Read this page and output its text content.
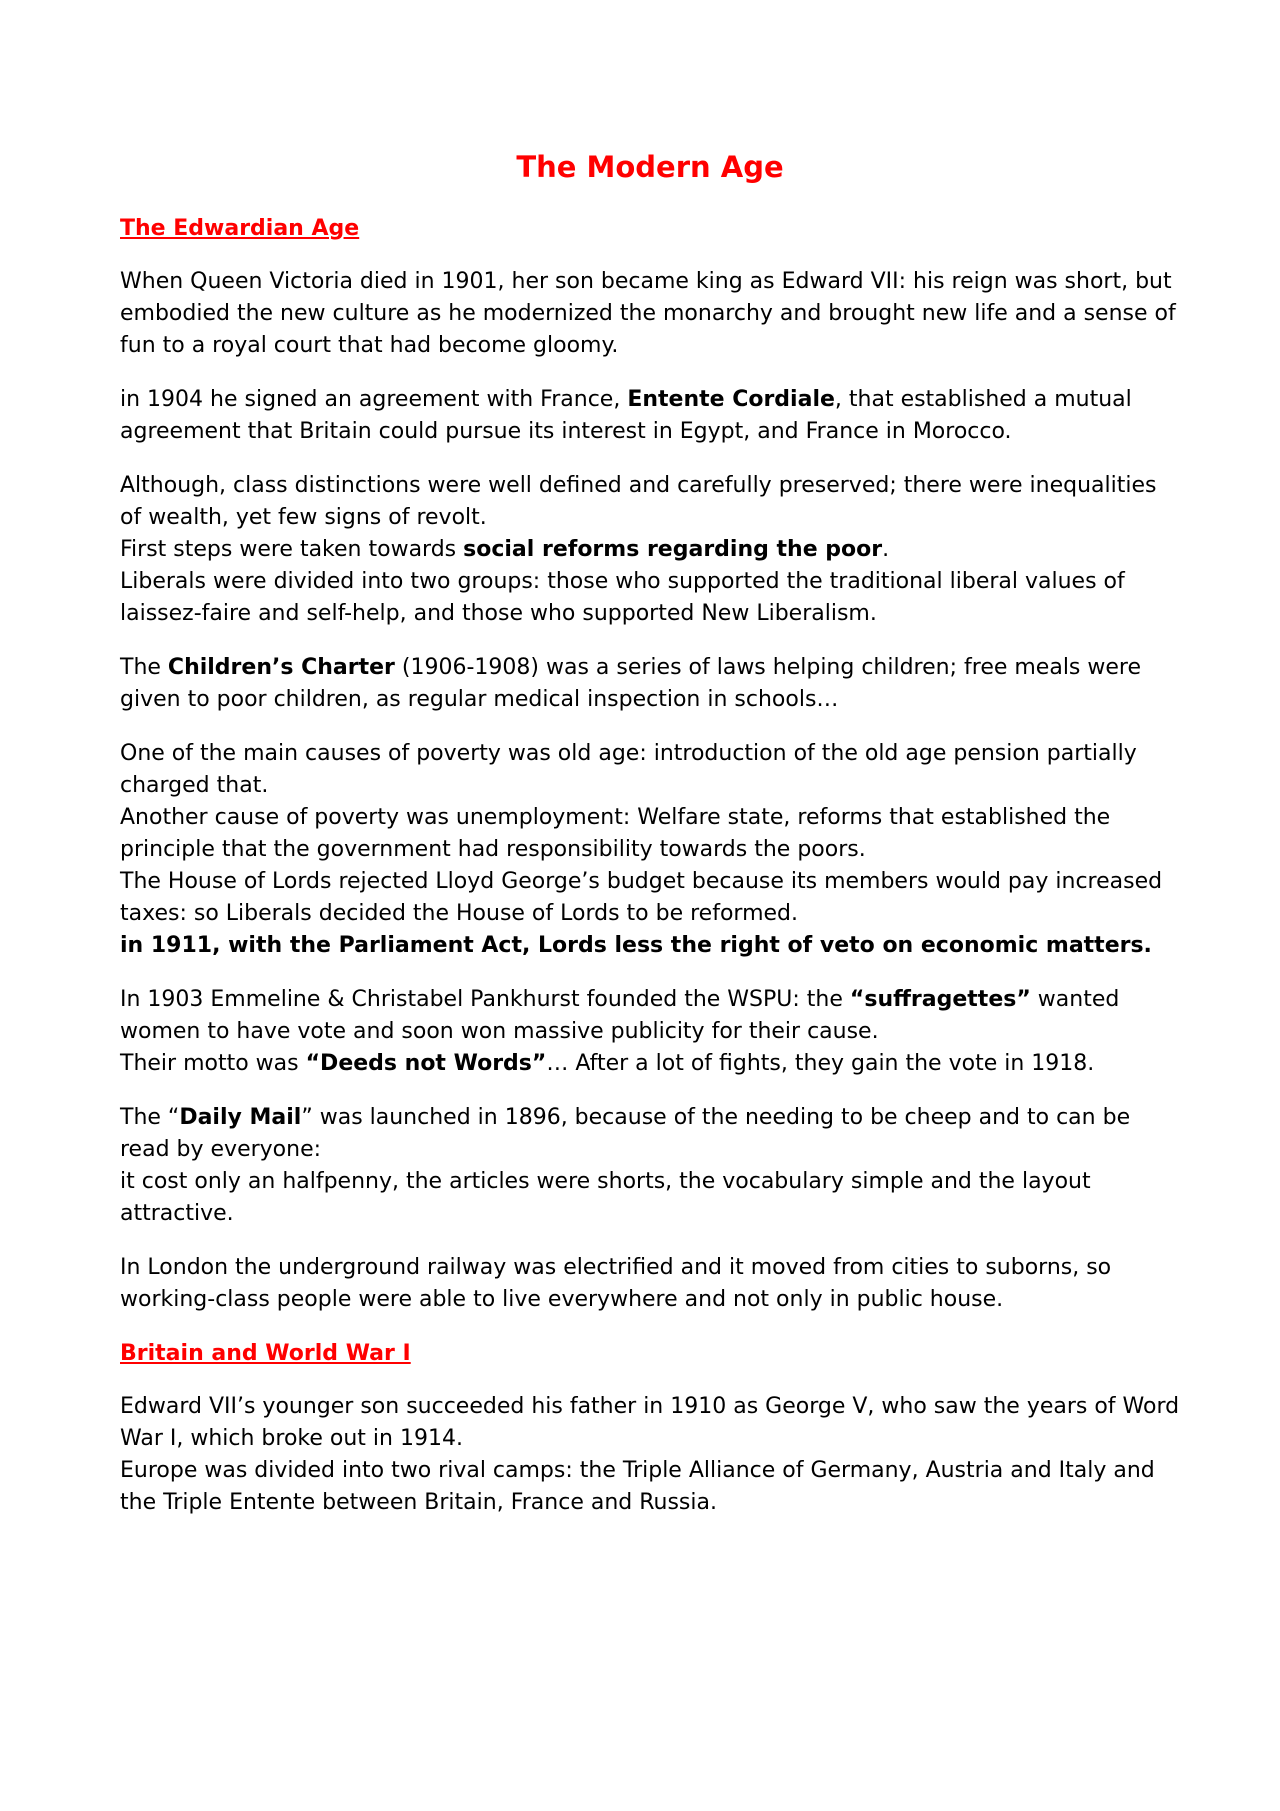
The Modern Age
The Edwardian Age

When Queen Victoria died in 1901, her son became king as Edward VII: his reign was short, but embodied the new culture as he modernized the monarchy and brought new life and a sense of fun to a royal court that had become gloomy.

in 1904 he signed an agreement with France, Entente Cordiale, that established a mutual agreement that Britain could pursue its interest in Egypt, and France in Morocco.

Although, class distinctions were well defined and carefully preserved; there were inequalities of wealth, yet few signs of revolt.
First steps were taken towards social reforms regarding the poor.
Liberals were divided into two groups: those who supported the traditional liberal values of laissez-faire and self-help, and those who supported New Liberalism.

The Children’s Charter (1906-1908) was a series of laws helping children; free meals were given to poor children, as regular medical inspection in schools…

One of the main causes of poverty was old age: introduction of the old age pension partially charged that.
Another cause of poverty was unemployment: Welfare state, reforms that established the principle that the government had responsibility towards the poors.
The House of Lords rejected Lloyd George’s budget because its members would pay increased taxes: so Liberals decided the House of Lords to be reformed.
in 1911, with the Parliament Act, Lords less the right of veto on economic matters.

In 1903 Emmeline & Christabel Pankhurst founded the WSPU: the “suffragettes” wanted women to have vote and soon won massive publicity for their cause.
Their motto was “Deeds not Words”… After a lot of fights, they gain the vote in 1918.

The “Daily Mail” was launched in 1896, because of the needing to be cheep and to can be read by everyone:
it cost only an halfpenny, the articles were shorts, the vocabulary simple and the layout attractive.

In London the underground railway was electrified and it moved from cities to suborns, so working-class people were able to live everywhere and not only in public house.

Britain and World War I

Edward VII’s younger son succeeded his father in 1910 as George V, who saw the years of Word War I, which broke out in 1914.
Europe was divided into two rival camps: the Triple Alliance of Germany, Austria and Italy and the Triple Entente between Britain, France and Russia.
